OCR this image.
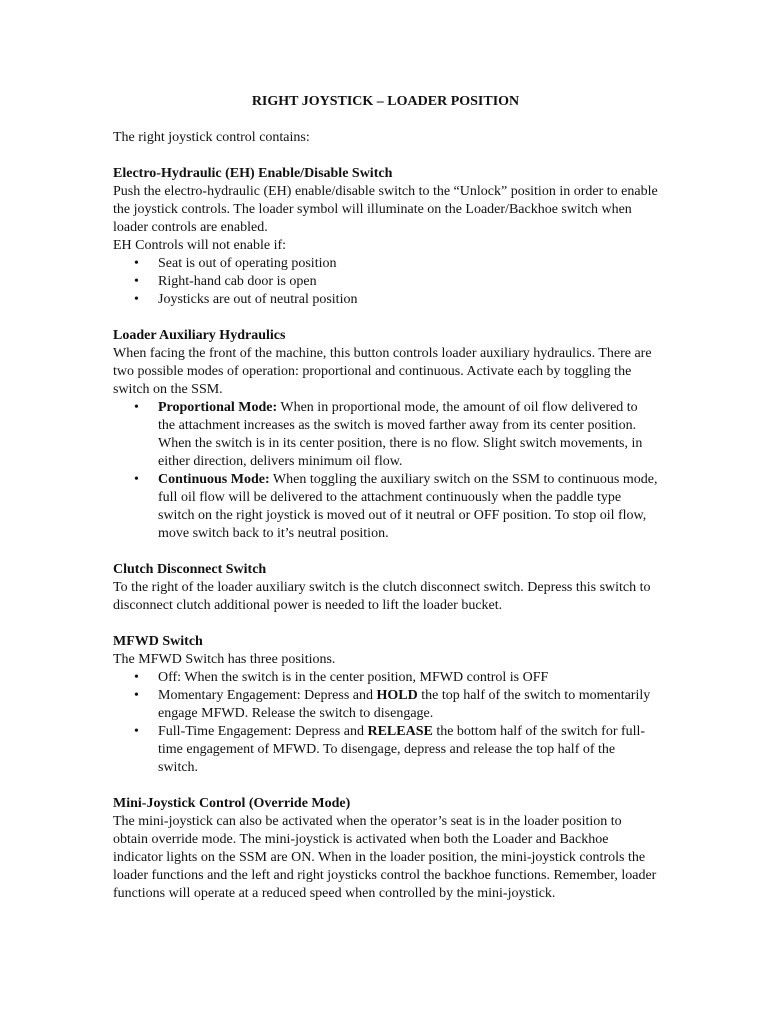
RIGHT JOYSTICK – LOADER POSITION

The right joystick control contains:

Electro-Hydraulic (EH) Enable/Disable Switch

Push the electro-hydraulic (EH) enable/disable switch to the “Unlock” position in order to enable the joystick controls. The loader symbol will illuminate on the Loader/Backhoe switch when loader controls are enabled.

EH Controls will not enable if:

• Seat is out of operating position
• Right-hand cab door is open
• Joysticks are out of neutral position

Loader Auxiliary Hydraulics

When facing the front of the machine, this button controls loader auxiliary hydraulics. There are two possible modes of operation: proportional and continuous. Activate each by toggling the switch on the SSM.

• Proportional Mode: When in proportional mode, the amount of oil flow delivered to the attachment increases as the switch is moved farther away from its center position. When the switch is in its center position, there is no flow. Slight switch movements, in either direction, delivers minimum oil flow.
• Continuous Mode: When toggling the auxiliary switch on the SSM to continuous mode, full oil flow will be delivered to the attachment continuously when the paddle type switch on the right joystick is moved out of it neutral or OFF position. To stop oil flow, move switch back to it’s neutral position.

Clutch Disconnect Switch

To the right of the loader auxiliary switch is the clutch disconnect switch. Depress this switch to disconnect clutch additional power is needed to lift the loader bucket.

MFWD Switch

The MFWD Switch has three positions.

• Off: When the switch is in the center position, MFWD control is OFF
• Momentary Engagement: Depress and HOLD the top half of the switch to momentarily engage MFWD. Release the switch to disengage.
• Full-Time Engagement: Depress and RELEASE the bottom half of the switch for full-time engagement of MFWD. To disengage, depress and release the top half of the switch.

Mini-Joystick Control (Override Mode)

The mini-joystick can also be activated when the operator’s seat is in the loader position to obtain override mode. The mini-joystick is activated when both the Loader and Backhoe indicator lights on the SSM are ON. When in the loader position, the mini-joystick controls the loader functions and the left and right joysticks control the backhoe functions. Remember, loader functions will operate at a reduced speed when controlled by the mini-joystick.
